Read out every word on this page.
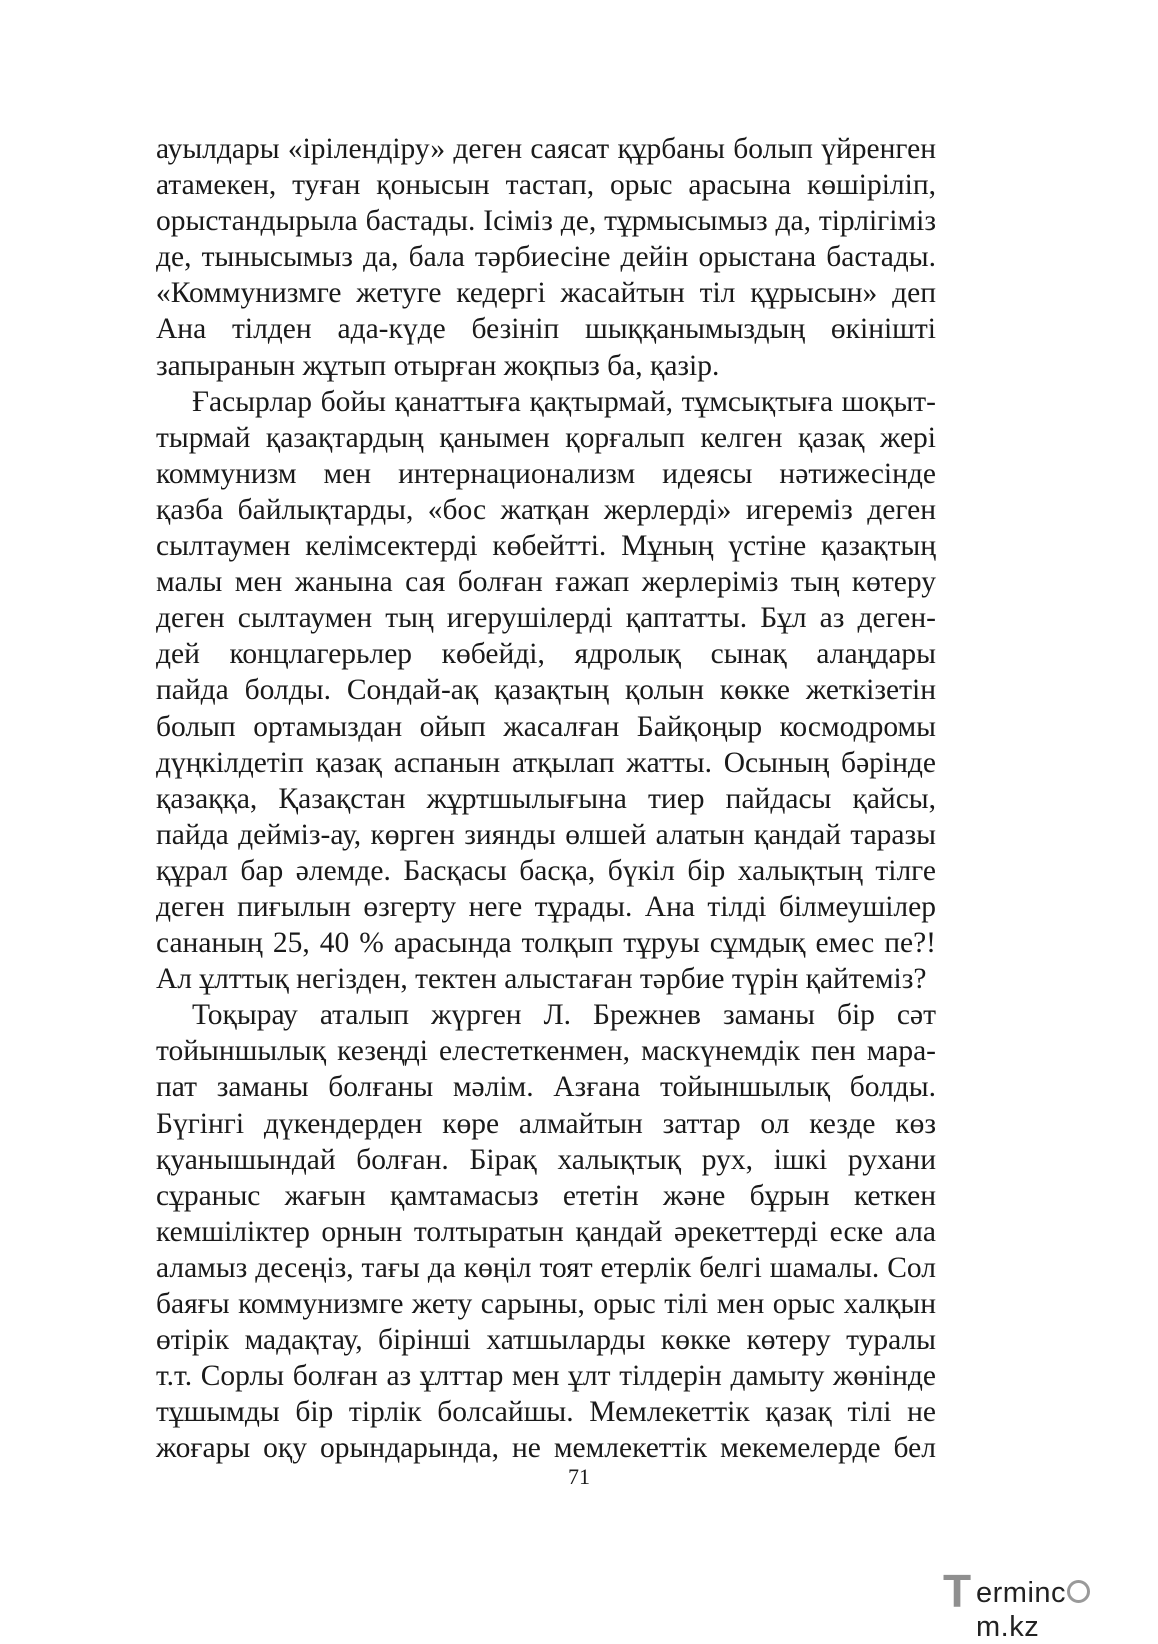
ауылдары «ірілендіру» деген саясат құрбаны болып үйренген
атамекен, туған қонысын тастап, орыс арасына көшіріліп,
орыстандырыла бастады. Ісіміз де, тұрмысымыз да, тірлігіміз
де, тынысымыз да, бала тәрбиесіне дейін орыстана бастады.
«Коммунизмге жетуге кедергі жасайтын тіл құрысын» деп
Ана тілден ада-күде безініп шыққанымыздың өкінішті
запыранын жұтып отырған жоқпыз ба, қазір.
Ғасырлар бойы қанаттыға қақтырмай, тұмсықтыға шоқыт-
тырмай қазақтардың қанымен қорғалып келген қазақ жері
коммунизм мен интернационализм идеясы нәтижесінде
қазба байлықтарды, «бос жатқан жерлерді» игереміз деген
сылтаумен келімсектерді көбейтті. Мұның үстіне қазақтың
малы мен жанына сая болған ғажап жерлеріміз тың көтеру
деген сылтаумен тың игерушілерді қаптатты. Бұл аз деген-
дей концлагерьлер көбейді, ядролық сынақ алаңдары
пайда болды. Сондай-ақ қазақтың қолын көкке жеткізетін
болып ортамыздан ойып жасалған Байқоңыр космодромы
дүңкілдетіп қазақ аспанын атқылап жатты. Осының бәрінде
қазаққа, Қазақстан жұртшылығына тиер пайдасы қайсы,
пайда дейміз-ау, көрген зиянды өлшей алатын қандай таразы
құрал бар әлемде. Басқасы басқа, бүкіл бір халықтың тілге
деген пиғылын өзгерту неге тұрады. Ана тілді білмеушілер
сананың 25, 40 % арасында толқып тұруы сұмдық емес пе?!
Ал ұлттық негізден, тектен алыстаған тәрбие түрін қайтеміз?
Тоқырау аталып жүрген Л. Брежнев заманы бір сәт
тойыншылық кезеңді елестеткенмен, маскүнемдік пен мара-
пат заманы болғаны мәлім. Азғана тойыншылық болды.
Бүгінгі дүкендерден көре алмайтын заттар ол кезде көз
қуанышындай болған. Бірақ халықтық рух, ішкі рухани
сұраныс жағын қамтамасыз ететін және бұрын кеткен
кемшіліктер орнын толтыратын қандай әрекеттерді еске ала
аламыз десеңіз, тағы да көңіл тоят етерлік белгі шамалы. Сол
баяғы коммунизмге жету сарыны, орыс тілі мен орыс халқын
өтірік мадақтау, бірінші хатшыларды көкке көтеру туралы
т.т. Сорлы болған аз ұлттар мен ұлт тілдерін дамыту жөнінде
тұшымды бір тірлік болсайшы. Мемлекеттік қазақ тілі не
жоғары оқу орындарында, не мемлекеттік мекемелерде бел
71
T ermincm.kz
